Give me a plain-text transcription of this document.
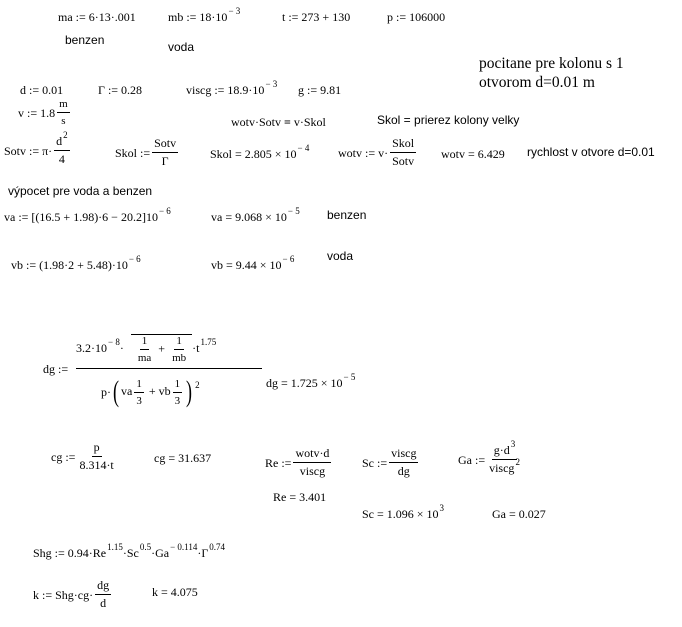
ma := 6·13·.001	mb := $18\cdot 10^{- 3}$	t := 273 + 130	p := 106000
benzen	voda
pocitane pre kolonu s 1
otvorom d=0.01 m
d := 0.01	Γ := 0.28	viscg := $18.9\cdot 10^{- 3}$ g := 9.81
v := $1.8 \frac{m}{s}$	wotv·Sotv = v·Skol	Skol = prierez kolony velky
Sotv := $\pi\cdot \frac{d^2}{4}$	Skol := $\frac{\text{Sotv}}{\Gamma}$	Skol = $2.805 \times 10^{- 4}$ wotv := $v\cdot \frac{\text{Skol}}{\text{Sotv}}$ wotv = 6.429 rychlost v otvore d=0.01
výpocet pre voda a benzen
va := $[(16.5 + 1.98)\cdot 6 - 20.2]10^{- 6}$	va = $9.068 \times 10^{- 5}$ benzen
vb := $(1.98\cdot 2 + 5.48)\cdot 10^{- 6}$	vb = $9.44 \times 10^{- 6}$	voda
dg :=
$3.2\cdot 10^{- 8}\cdot \frac{1}{ma} + \frac{1}{mb} \cdot t^{1.75}$
p·( va $\frac{1}{3}$ + vb $\frac{1}{3}$ ) $^2$	dg = $1.725 \times 10^{- 5}$
cg := $\frac{p}{8.314\cdot t}$	cg = 31.637	Re := $\frac{\text{wotv·d}}{\text{viscg}}$
Re = 3.401
Sc := $\frac{\text{viscg}}{dg}$
$Sc = 1.096 \times 10^3$
Ga := $\frac{g\cdot d^3}{viscg^2}$
Ga = 0.027
Shg := $0.94\cdot Re^{1.15}\cdot Sc^{0.5}\cdot Ga^{- 0.114}\cdot\Gamma^{0.74}$
k := $Shg\cdot cg\cdot \frac{dg}{d}$	k = 4.075
